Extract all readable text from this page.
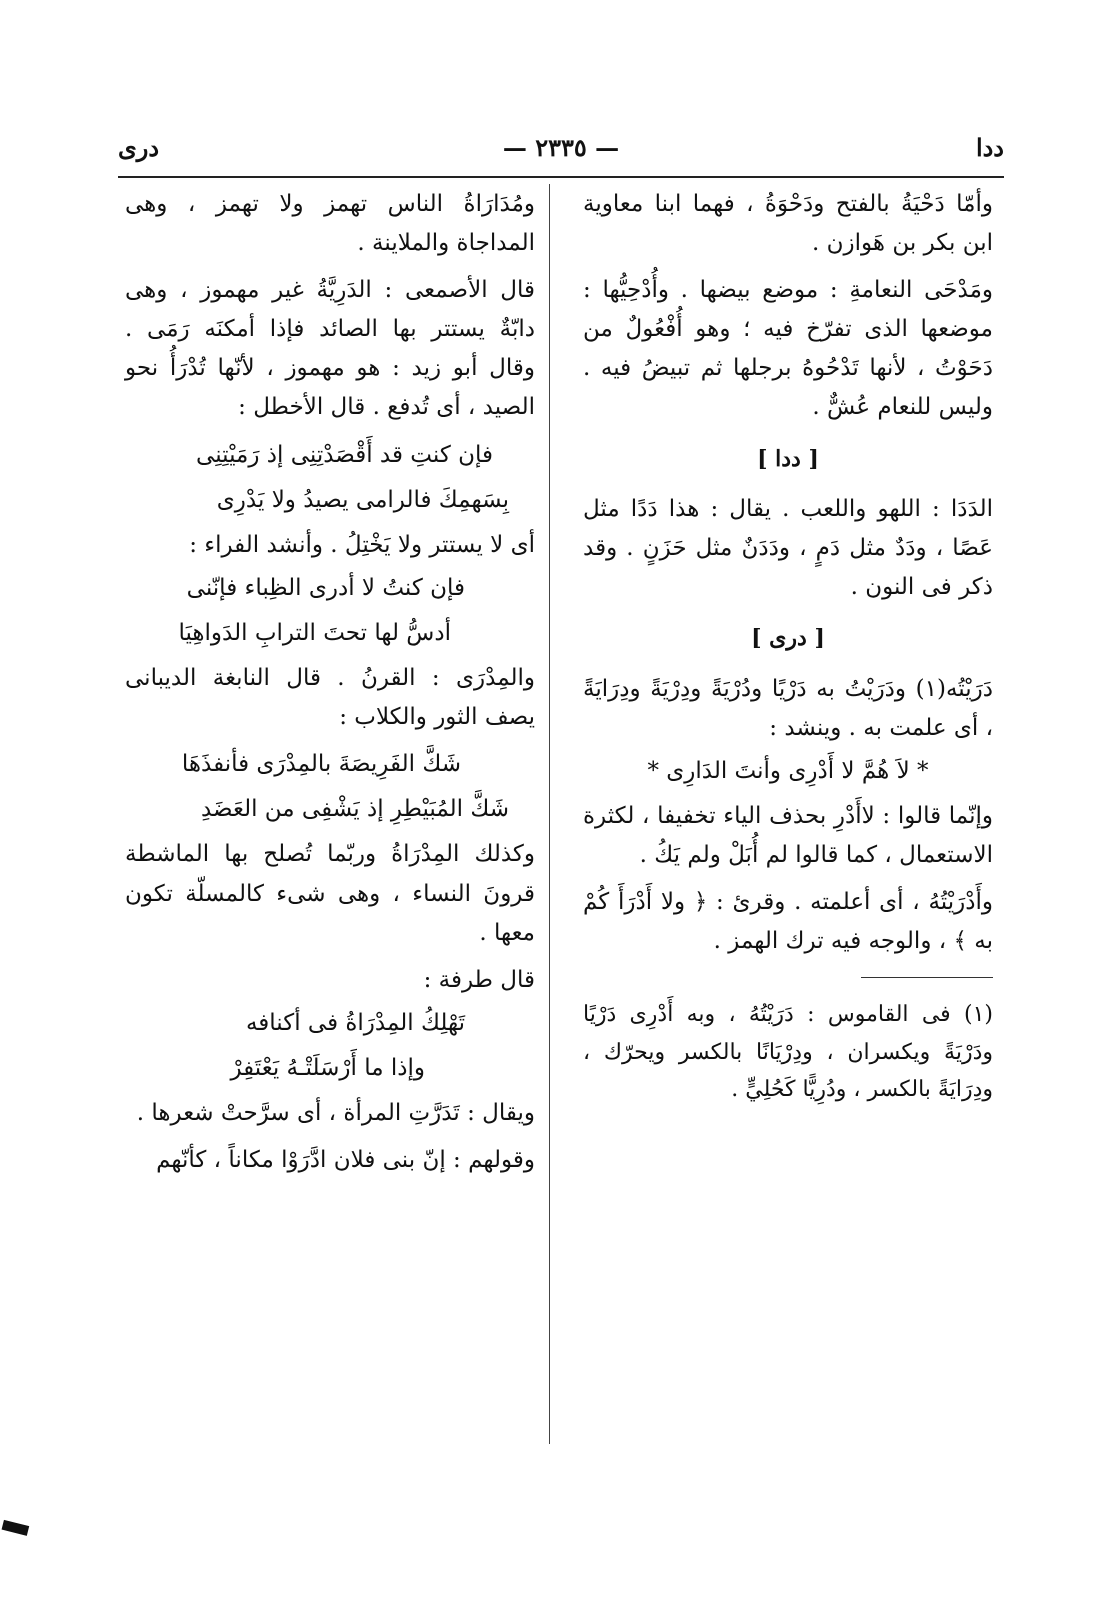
درى	— ٢٣٣٥ —	ددا

وأمّا دَحْيَةُ بالفتح ودَحْوَةُ ، فهما ابنا معاوية ابن بكر بن هَوازن .

ومَدْحَى النعامةِ : موضع بيضها . وأُدْحِيُّها : موضعها الذى تفرّخ فيه ؛ وهو أُفْعُولٌ من دَحَوْتُ ، لأنها تَدْحُوهُ برجلها ثم تبيضُ فيه . وليس للنعام عُشٌّ .

[ ددا ]

الدَدَا : اللهو واللعب . يقال : هذا دَدًا مثل عَصًا ، ودَدٌ مثل دَمٍ ، ودَدَنٌ مثل حَزَنٍ . وقد ذكر فى النون .

[ درى ]

دَرَيْتُه(١) ودَرَيْتُ به دَرْيًا ودُرْيَةً ودِرْيَةً ودِرَايَةً ، أى علمت به . وينشد :

* لاَ هُمَّ لا أَدْرِى وأنتَ الدَارِى *

وإنّما قالوا : لاأَدْرِ بحذف الياء تخفيفا ، لكثرة الاستعمال ، كما قالوا لم أُبَلْ ولم يَكُ .

وأَدْرَيْتُهُ ، أى أعلمته . وقرئ : ﴿ ولا أَدْرَأَ كُمْ به ﴾ ، والوجه فيه ترك الهمز .

(١) فى القاموس : دَرَيْتُهُ ، وبه أَدْرِى دَرْيًا ودَرْيَةً ويكسران ، ودِرْيَانًا بالكسر ويحرّك ، ودِرَايَةً بالكسر ، ودُرِيًّا كَحُلِيٍّ .

ومُدَارَاةُ الناس تهمز ولا تهمز ، وهى المداجاة والملاينة .

قال الأصمعى : الدَرِيَّةُ غير مهموز ، وهى دابّةٌ يستتر بها الصائد فإذا أمكنَه رَمَى . وقال أبو زيد : هو مهموز ، لأنّها تُدْرَأُ نحو الصيد ، أى تُدفع . قال الأخطل :

فإن كنتِ قد أَقْصَدْتِنِى إذ رَمَيْتِنِى
بِسَهمِكَ فالرامى يصيدُ ولا يَدْرِى

أى لا يستتر ولا يَخْتِلُ . وأنشد الفراء :

فإن كنتُ لا أدرى الظِباء فإنّنى
أدسُّ لها تحتَ الترابِ الدَواهِيَا

والمِدْرَى : القرنُ . قال النابغة الديبانى يصف الثور والكلاب :

شَكَّ الفَرِيصَةَ بالمِدْرَى فأنفذَهَا
شَكَّ المُبَيْطِرِ إذ يَشْفِى من العَضَدِ

وكذلك المِدْرَاةُ وربّما تُصلح بها الماشطة قرونَ النساء ، وهى شىء كالمسلّة تكون معها .

قال طرفة :

تَهْلِكُ المِدْرَاةُ فى أكنافه
وإذا ما أَرْسَلَتْـهُ يَعْتَفِرْ

ويقال : تَدَرَّتِ المرأة ، أى سرَّحتْ شعرها .

وقولهم : إنّ بنى فلان ادَّرَوْا مكاناً ، كأنّهم
